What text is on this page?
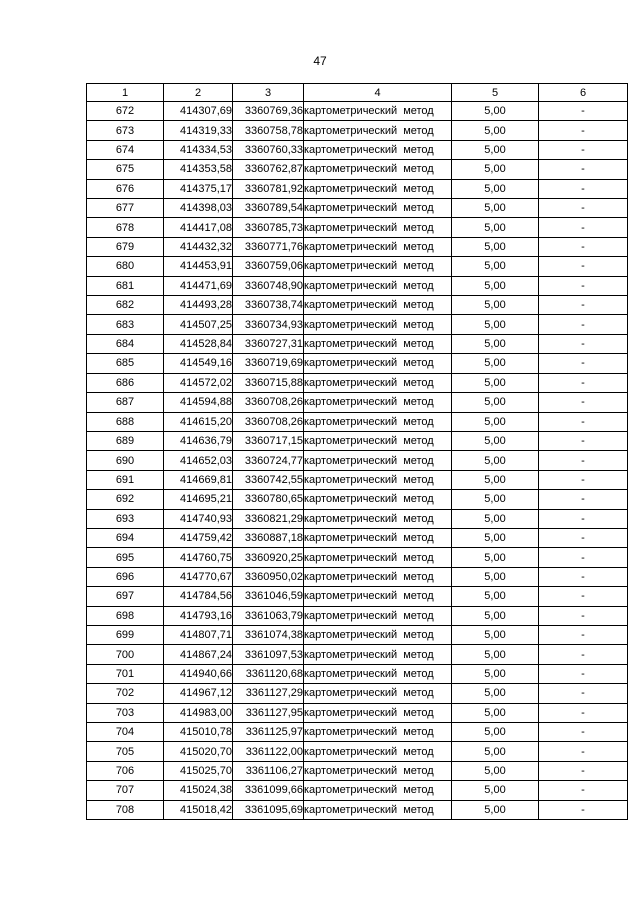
47
1	2	3	4	5	6
672	414307,69	3360769,36	картометрический метод	5,00	-
673	414319,33	3360758,78	картометрический метод	5,00	-
674	414334,53	3360760,33	картометрический метод	5,00	-
675	414353,58	3360762,87	картометрический метод	5,00	-
676	414375,17	3360781,92	картометрический метод	5,00	-
677	414398,03	3360789,54	картометрический метод	5,00	-
678	414417,08	3360785,73	картометрический метод	5,00	-
679	414432,32	3360771,76	картометрический метод	5,00	-
680	414453,91	3360759,06	картометрический метод	5,00	-
681	414471,69	3360748,90	картометрический метод	5,00	-
682	414493,28	3360738,74	картометрический метод	5,00	-
683	414507,25	3360734,93	картометрический метод	5,00	-
684	414528,84	3360727,31	картометрический метод	5,00	-
685	414549,16	3360719,69	картометрический метод	5,00	-
686	414572,02	3360715,88	картометрический метод	5,00	-
687	414594,88	3360708,26	картометрический метод	5,00	-
688	414615,20	3360708,26	картометрический метод	5,00	-
689	414636,79	3360717,15	картометрический метод	5,00	-
690	414652,03	3360724,77	картометрический метод	5,00	-
691	414669,81	3360742,55	картометрический метод	5,00	-
692	414695,21	3360780,65	картометрический метод	5,00	-
693	414740,93	3360821,29	картометрический метод	5,00	-
694	414759,42	3360887,18	картометрический метод	5,00	-
695	414760,75	3360920,25	картометрический метод	5,00	-
696	414770,67	3360950,02	картометрический метод	5,00	-
697	414784,56	3361046,59	картометрический метод	5,00	-
698	414793,16	3361063,79	картометрический метод	5,00	-
699	414807,71	3361074,38	картометрический метод	5,00	-
700	414867,24	3361097,53	картометрический метод	5,00	-
701	414940,66	3361120,68	картометрический метод	5,00	-
702	414967,12	3361127,29	картометрический метод	5,00	-
703	414983,00	3361127,95	картометрический метод	5,00	-
704	415010,78	3361125,97	картометрический метод	5,00	-
705	415020,70	3361122,00	картометрический метод	5,00	-
706	415025,70	3361106,27	картометрический метод	5,00	-
707	415024,38	3361099,66	картометрический метод	5,00	-
708	415018,42	3361095,69	картометрический метод	5,00	-
